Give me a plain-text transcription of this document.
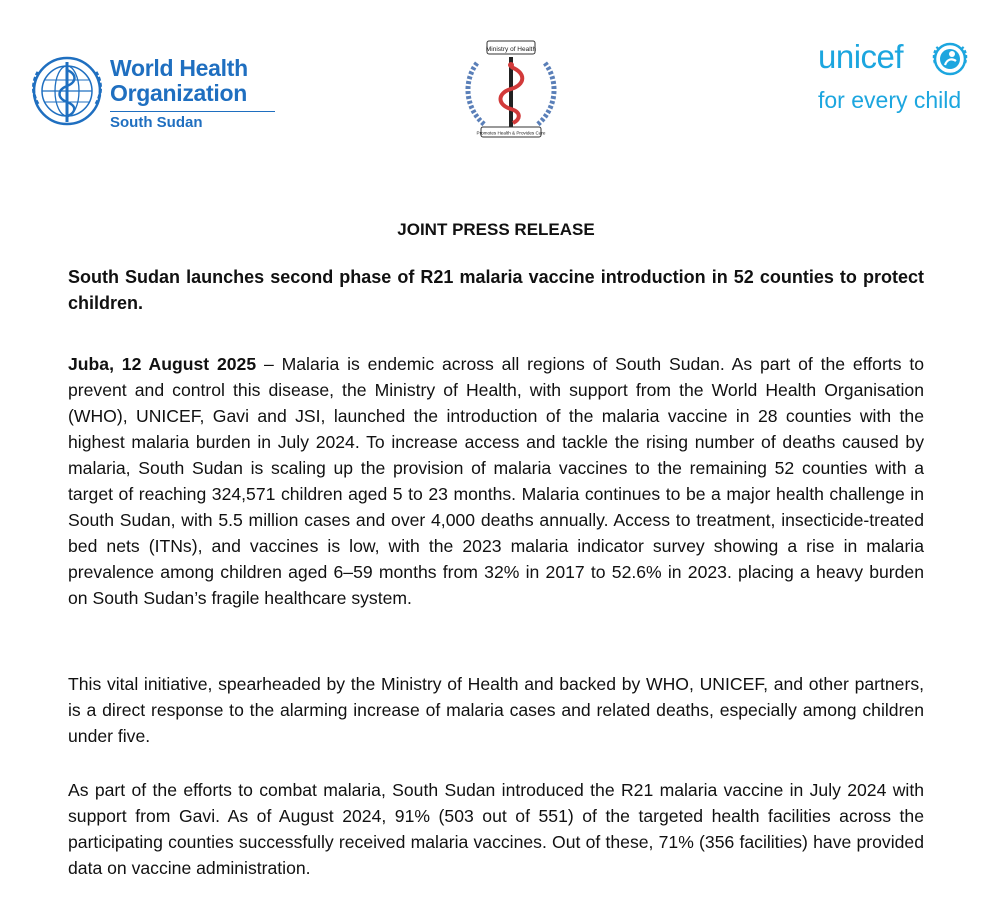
World Health Organization
South Sudan
Ministry of Health
Promotes Health & Provides Care
unicef
for every child
JOINT PRESS RELEASE
South Sudan launches second phase of R21 malaria vaccine introduction in 52 counties to protect children.

Juba, 12 August 2025 – Malaria is endemic across all regions of South Sudan. As part of the efforts to prevent and control this disease, the Ministry of Health, with support from the World Health Organisation (WHO), UNICEF, Gavi and JSI, launched the introduction of the malaria vaccine in 28 counties with the highest malaria burden in July 2024. To increase access and tackle the rising number of deaths caused by malaria, South Sudan is scaling up the provision of malaria vaccines to the remaining 52 counties with a target of reaching 324,571 children aged 5 to 23 months. Malaria continues to be a major health challenge in South Sudan, with 5.5 million cases and over 4,000 deaths annually. Access to treatment, insecticide-treated bed nets (ITNs), and vaccines is low, with the 2023 malaria indicator survey showing a rise in malaria prevalence among children aged 6–59 months from 32% in 2017 to 52.6% in 2023. placing a heavy burden on South Sudan’s fragile healthcare system.

This vital initiative, spearheaded by the Ministry of Health and backed by WHO, UNICEF, and other partners, is a direct response to the alarming increase of malaria cases and related deaths, especially among children under five.

As part of the efforts to combat malaria, South Sudan introduced the R21 malaria vaccine in July 2024 with support from Gavi. As of August 2024, 91% (503 out of 551) of the targeted health facilities across the participating counties successfully received malaria vaccines. Out of these, 71% (356 facilities) have provided data on vaccine administration.
